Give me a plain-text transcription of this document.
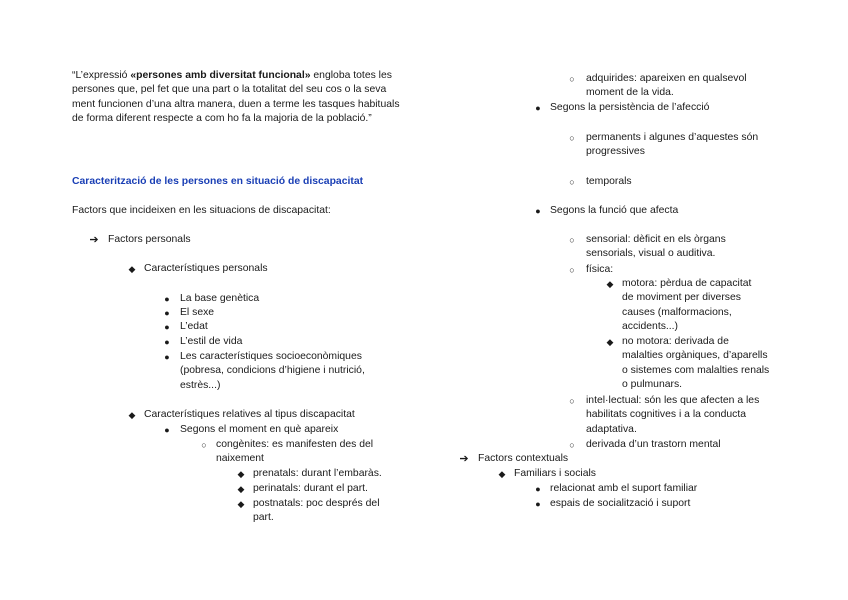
“L’expressió «persones amb diversitat funcional» engloba totes les persones que, pel fet que una part o la totalitat del seu cos o la seva ment funcionen d’una altra manera, duen a terme les tasques habituals de forma diferent respecte a com ho fa la majoria de la població.”
Caracterització de les persones en situació de discapacitat
Factors que incideixen en les situacions de discapacitat:
➔ Factors personals
◆ Característiques personals
● La base genètica
● El sexe
● L’edat
● L’estil de vida
● Les característiques socioeconòmiques (pobresa, condicions d’higiene i nutrició, estrès...)
◆ Característiques relatives al tipus discapacitat
● Segons el moment en què apareix
○ congènites: es manifesten des del naixement
◆ prenatals: durant l’embaràs.
◆ perinatals: durant el part.
◆ postnatals: poc després del part.
○	adquirides: apareixen en qualsevol moment de la vida.
● Segons la persistència de l’afecció
○	permanents i algunes d’aquestes són progressives
○	temporals
● Segons la funció que afecta
○	sensorial: dèficit en els òrgans sensorials, visual o auditiva.
○	física:
◆ motora: pèrdua de capacitat de moviment per diverses causes (malformacions, accidents...)
◆ no motora: derivada de malalties orgàniques, d’aparells o sistemes com malalties renals o pulmunars.
○	intel·lectual: són les que afecten a les habilitats cognitives i a la conducta adaptativa.
○	derivada d’un trastorn mental
➔ Factors contextuals
◆ Familiars i socials
● relacionat amb el suport familiar
● espais de socialització i suport
